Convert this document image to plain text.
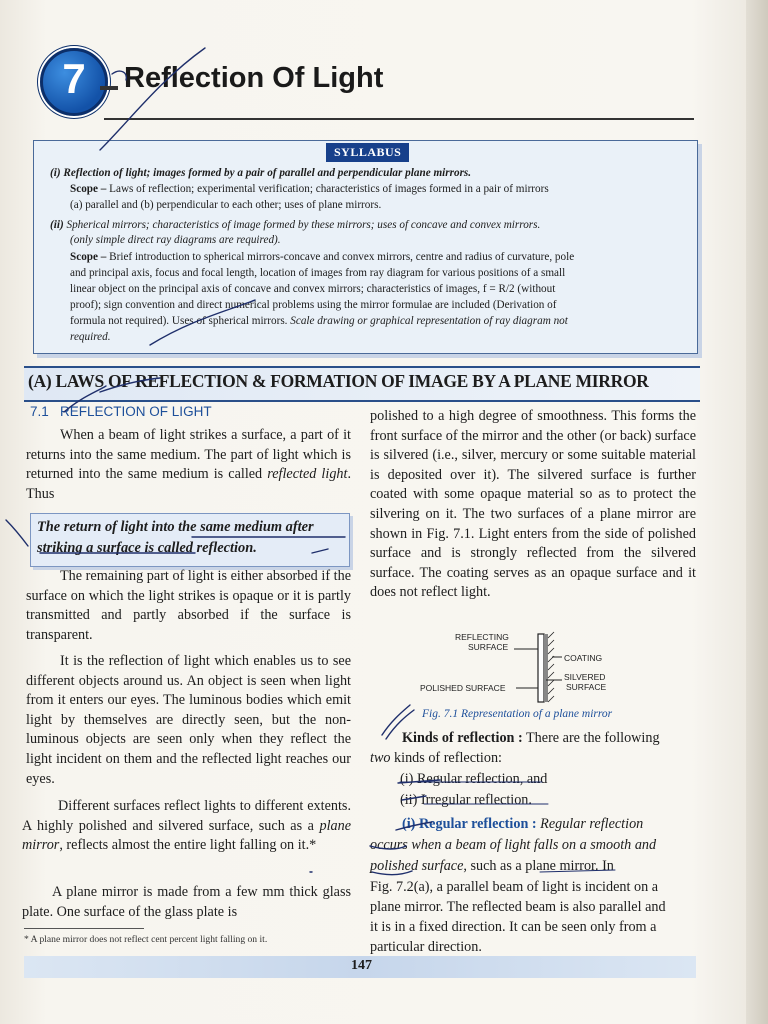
7	Reflection Of Light
SYLLABUS
(i) Reflection of light; images formed by a pair of parallel and perpendicular plane mirrors.
Scope – Laws of reflection; experimental verification; characteristics of images formed in a pair of mirrors
(a) parallel and (b) perpendicular to each other; uses of plane mirrors.
(ii) Spherical mirrors; characteristics of image formed by these mirrors; uses of concave and convex mirrors.
(only simple direct ray diagrams are required).
Scope – Brief introduction to spherical mirrors-concave and convex mirrors, centre and radius of curvature, pole
and principal axis, focus and focal length, location of images from ray diagram for various positions of a small
linear object on the principal axis of concave and convex mirrors; characteristics of images, f = R/2 (without
proof); sign convention and direct numerical problems using the mirror formulae are included (Derivation of
formula not required). Uses of spherical mirrors. Scale drawing or graphical representation of ray diagram not
required.
(A) LAWS OF REFLECTION & FORMATION OF IMAGE BY A PLANE MIRROR
7.1 REFLECTION OF LIGHT
When a beam of light strikes a surface, a part of it returns into the same medium. The part of light which is returned into the same medium is called reflected light. Thus
The return of light into the same medium after striking a surface is called reflection.
The remaining part of light is either absorbed if the surface on which the light strikes is opaque or it is partly transmitted and partly absorbed if the surface is transparent.
It is the reflection of light which enables us to see different objects around us. An object is seen when light from it enters our eyes. The luminous bodies which emit light by themselves are directly seen, but the non-luminous objects are seen only when they reflect the light incident on them and the reflected light reaches our eyes.
Different surfaces reflect lights to different extents. A highly polished and silvered surface, such as a plane mirror, reflects almost the entire light falling on it.*
A plane mirror is made from a few mm thick glass plate. One surface of the glass plate is
* A plane mirror does not reflect cent percent light falling on it.
polished to a high degree of smoothness. This forms the front surface of the mirror and the other (or back) surface is silvered (i.e., silver, mercury or some suitable material is deposited over it). The silvered surface is further coated with some opaque material so as to protect the silvering on it. The two surfaces of a plane mirror are shown in Fig. 7.1. Light enters from the side of polished surface and is strongly reflected from the silvered surface. The coating serves as an opaque surface and it does not reflect light.
REFLECTING
SURFACE
COATING
SILVERED
SURFACE
POLISHED SURFACE
Fig. 7.1 Representation of a plane mirror
Kinds of reflection : There are the following
two kinds of reflection:
(i) Regular reflection, and
(ii) Irregular reflection.
(i) Regular reflection : Regular reflection
occurs when a beam of light falls on a smooth and
polished surface, such as a plane mirror. In
Fig. 7.2(a), a parallel beam of light is incident on a
plane mirror. The reflected beam is also parallel and
it is in a fixed direction. It can be seen only from a
particular direction.
147
